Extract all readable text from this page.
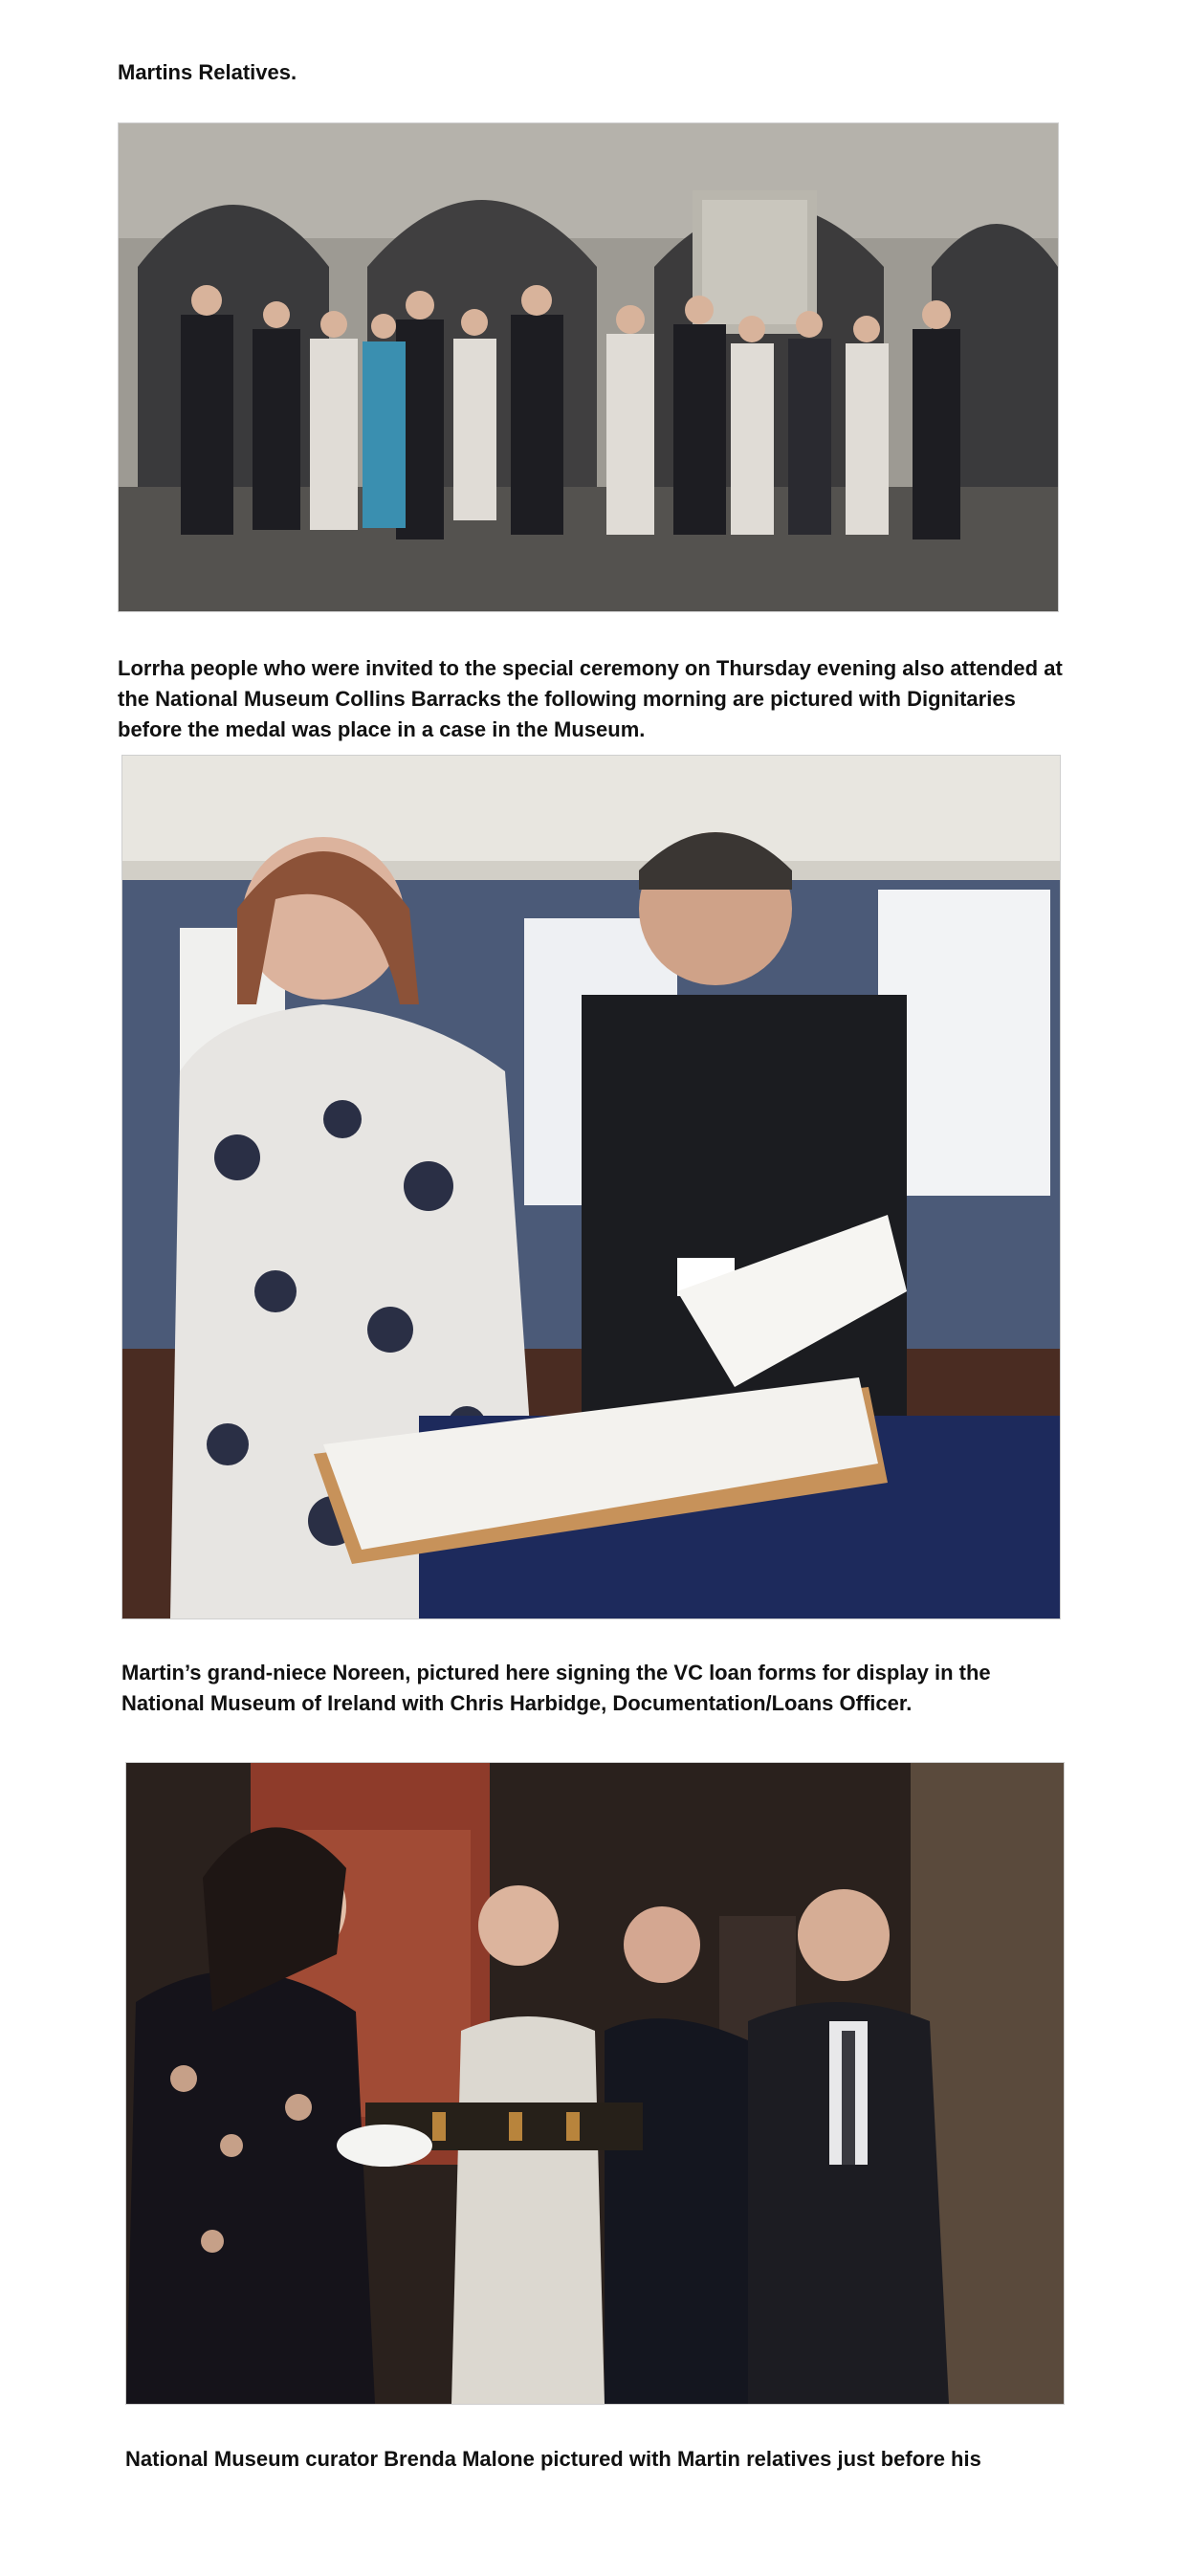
Martins Relatives.
Lorrha people who were invited to the special ceremony on Thursday evening also attended at the National Museum Collins Barracks the following morning are pictured with Dignitaries before the medal was place in a case in the Museum.
Martin’s grand-niece Noreen, pictured here signing the VC loan forms for display in the National Museum of Ireland with Chris Harbidge, Documentation/Loans Officer.
National Museum curator Brenda Malone pictured with Martin relatives just before his
